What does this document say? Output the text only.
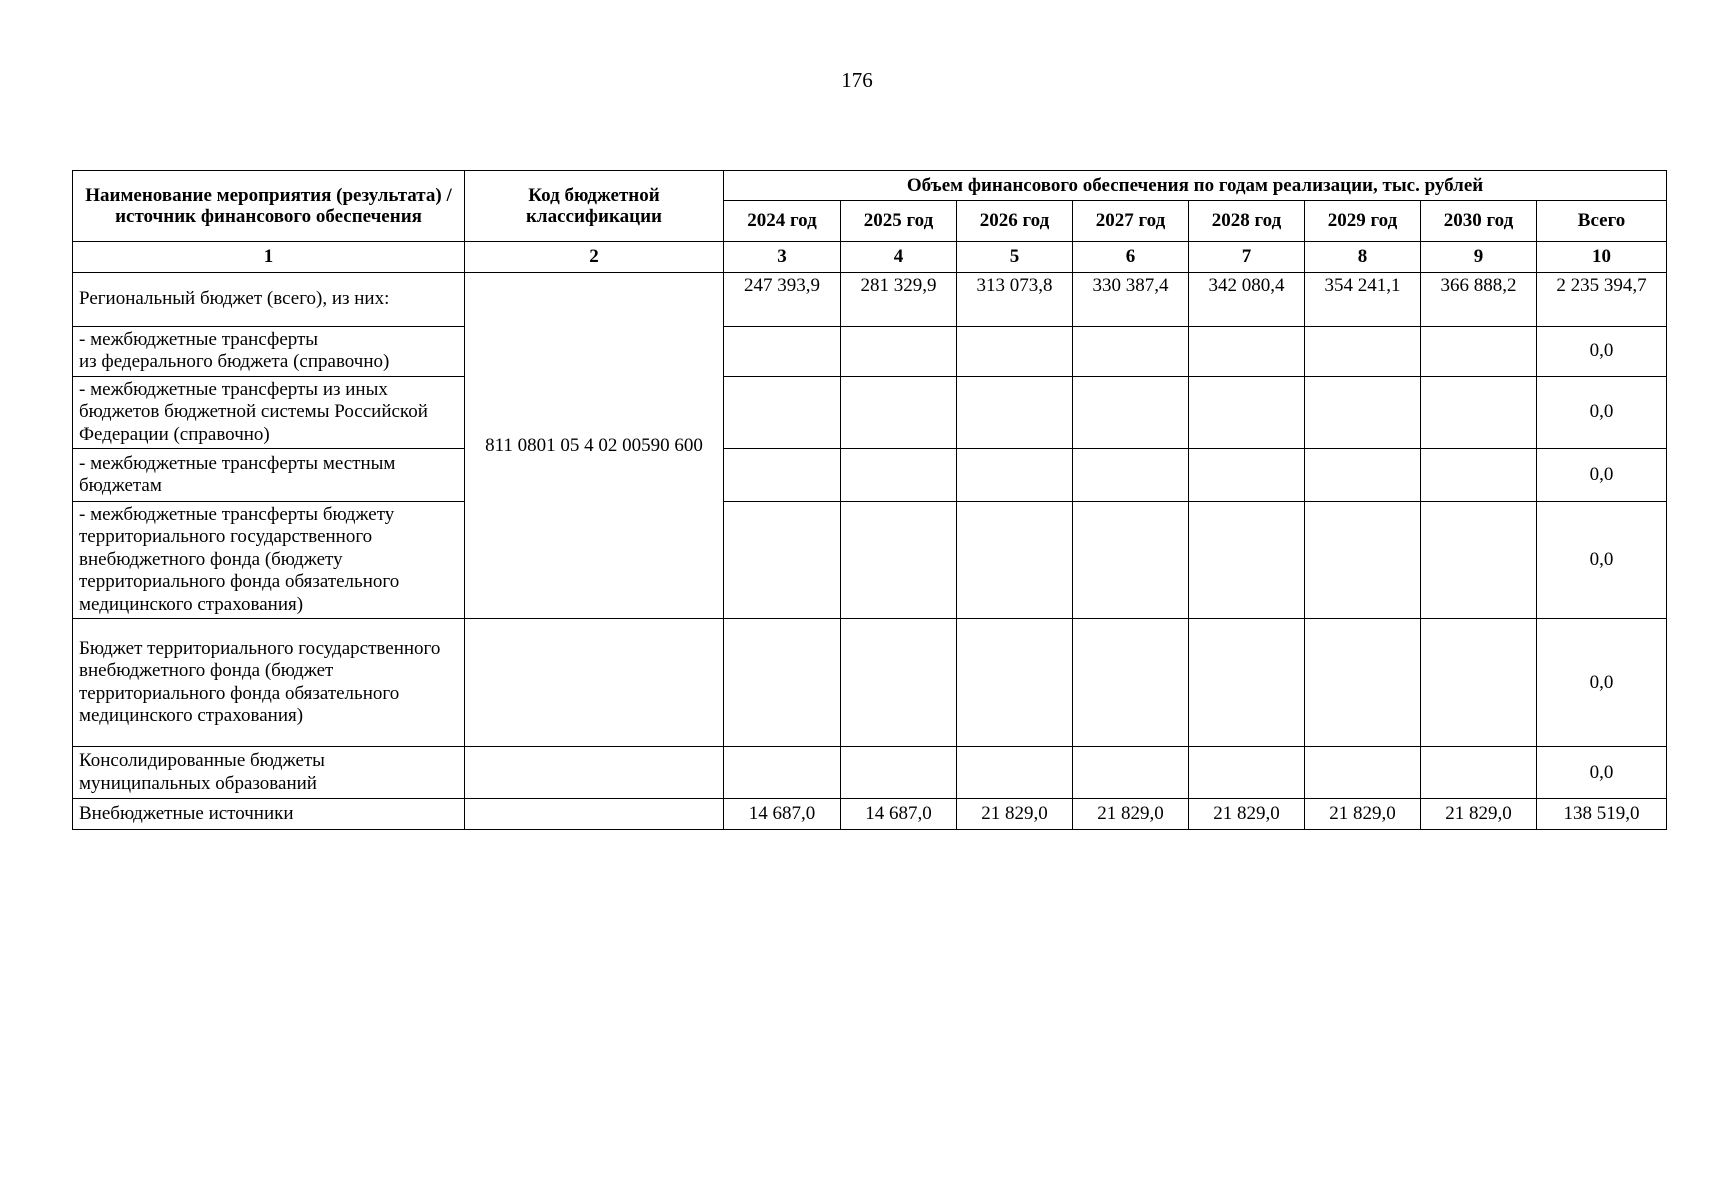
176
Наименование мероприятия (результата) / источник финансового обеспечения	Код бюджетной классификации	Объем финансового обеспечения по годам реализации, тыс. рублей							
		2024 год	2025 год	2026 год	2027 год	2028 год	2029 год	2030 год	Всего
1	2	3	4	5	6	7	8	9	10
Региональный бюджет (всего), из них:	811 0801 05 4 02 00590 600	247 393,9	281 329,9	313 073,8	330 387,4	342 080,4	354 241,1	366 888,2	2 235 394,7
- межбюджетные трансферты
из федерального бюджета (справочно)									0,0
- межбюджетные трансферты из иных бюджетов бюджетной системы Российской Федерации (справочно)									0,0
- межбюджетные трансферты местным бюджетам									0,0
- межбюджетные трансферты бюджету территориального государственного внебюджетного фонда (бюджету территориального фонда обязательного медицинского страхования)									0,0
Бюджет территориального государственного внебюджетного фонда (бюджет территориального фонда обязательного медицинского страхования)									0,0
Консолидированные бюджеты муниципальных образований									0,0
Внебюджетные источники		14 687,0	14 687,0	21 829,0	21 829,0	21 829,0	21 829,0	21 829,0	138 519,0
